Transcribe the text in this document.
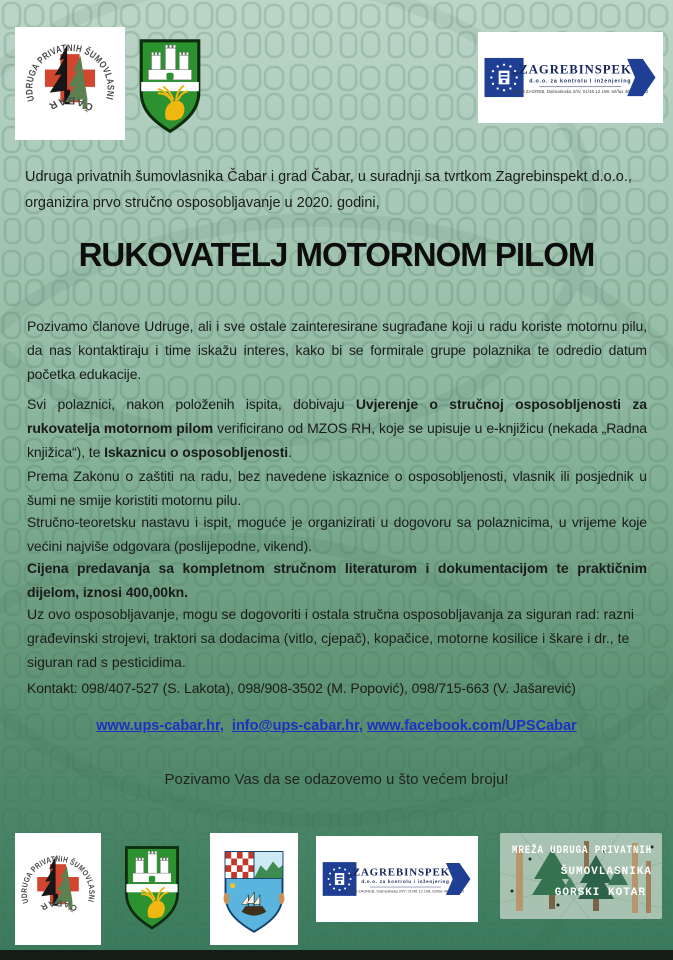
Udruga privatnih šumovlasnika Čabar i grad Čabar, u suradnji sa tvrtkom Zagrebinspekt d.o.o., organizira prvo stručno osposobljavanje u 2020. godini,

RUKOVATELJ MOTORNOM PILOM

Pozivamo članove Udruge, ali i sve ostale zainteresirane sugrađane koji u radu koriste motornu pilu, da nas kontaktiraju i time iskažu interes, kako bi se formirale grupe polaznika te odredio datum početka edukacije.

Svi polaznici, nakon položenih ispita, dobivaju Uvjerenje o stručnoj osposobljenosti za rukovatelja motornom pilom verificirano od MZOS RH, koje se upisuje u e-knjižicu (nekada „Radna knjižica“), te Iskaznicu o osposobljenosti.

Prema Zakonu o zaštiti na radu, bez navedene iskaznice o osposobljenosti, vlasnik ili posjednik u šumi ne smije koristiti motornu pilu.

Stručno-teoretsku nastavu i ispit, moguće je organizirati u dogovoru sa polaznicima, u vrijeme koje većini najviše odgovara (poslijepodne, vikend).

Cijena predavanja sa kompletnom stručnom literaturom i dokumentacijom te praktičnim dijelom, iznosi 400,00kn.

Uz ovo osposobljavanje, mogu se dogovoriti i ostala stručna osposobljavanja za siguran rad: razni građevinski strojevi, traktori sa dodacima (vitlo, cjepač), kopačice, motorne kosilice i škare i dr., te siguran rad s pesticidima.

Kontakt: 098/407-527 (S. Lakota), 098/908-3502 (M. Popović), 098/715-663 (V. Jašarević)

www.ups-cabar.hr, info@ups-cabar.hr, www.facebook.com/UPSCabar

Pozivamo Vas da se odazovemo u što većem broju!
